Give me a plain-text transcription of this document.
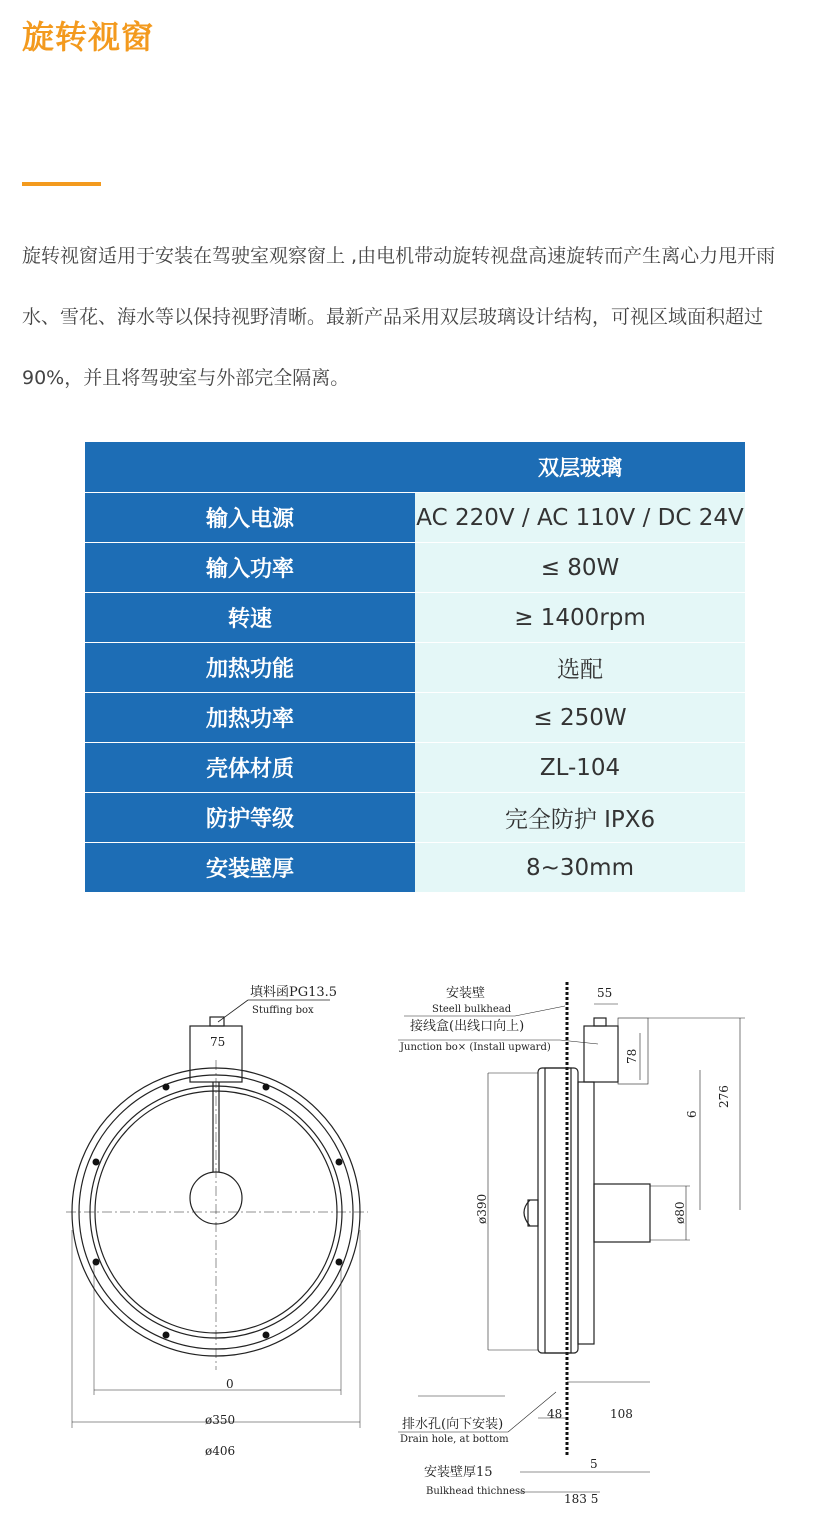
旋转视窗

旋转视窗适用于安装在驾驶室观察窗上 ,由电机带动旋转视盘高速旋转而产生离心力甩开雨

水、雪花、海水等以保持视野清晰。最新产品采用双层玻璃设计结构，可视区域面积超过

90%，并且将驾驶室与外部完全隔离。

	双层玻璃
输入电源	AC 220V / AC 110V / DC 24V
输入功率	≤ 80W
转速	≥ 1400rpm
加热功能	选配
加热功率	≤ 250W
壳体材质	ZL-104
防护等级	完全防护 IPX6
安装壁厚	8~30mm
填料函PG13.5
Stuffing box
75
0
ø350
ø406
安装壁
Steell bulkhead
接线盒(出线口向上)
Junction bo× (Install upward)
55
78
6
276
ø390	ø80
48	108
排水孔(向下安装)
Drain hole, at bottom
5
安装壁厚15
Bulkhead thichness
183 5
